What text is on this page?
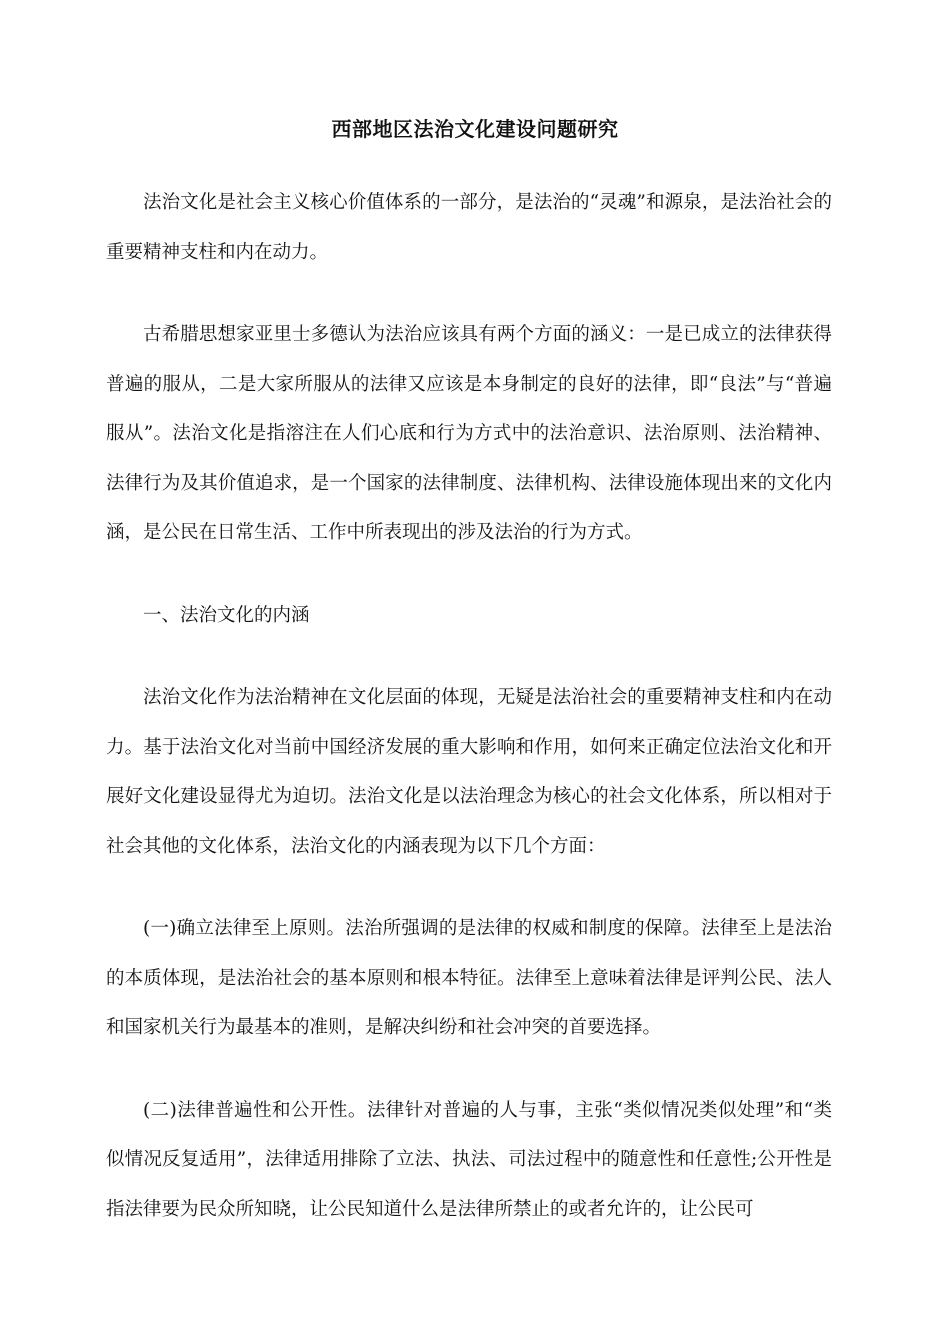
西部地区法治文化建设问题研究

法治文化是社会主义核心价值体系的一部分，是法治的“灵魂”和源泉，是法治社会的重要精神支柱和内在动力。

古希腊思想家亚里士多德认为法治应该具有两个方面的涵义：一是已成立的法律获得普遍的服从，二是大家所服从的法律又应该是本身制定的良好的法律，即“良法”与“普遍服从”。法治文化是指溶注在人们心底和行为方式中的法治意识、法治原则、法治精神、法律行为及其价值追求，是一个国家的法律制度、法律机构、法律设施体现出来的文化内涵，是公民在日常生活、工作中所表现出的涉及法治的行为方式。

一、法治文化的内涵

法治文化作为法治精神在文化层面的体现，无疑是法治社会的重要精神支柱和内在动力。基于法治文化对当前中国经济发展的重大影响和作用，如何来正确定位法治文化和开展好文化建设显得尤为迫切。法治文化是以法治理念为核心的社会文化体系，所以相对于社会其他的文化体系，法治文化的内涵表现为以下几个方面：

(一)确立法律至上原则。法治所强调的是法律的权威和制度的保障。法律至上是法治的本质体现，是法治社会的基本原则和根本特征。法律至上意味着法律是评判公民、法人和国家机关行为最基本的准则，是解决纠纷和社会冲突的首要选择。

(二)法律普遍性和公开性。法律针对普遍的人与事，主张“类似情况类似处理”和“类似情况反复适用”，法律适用排除了立法、执法、司法过程中的随意性和任意性;公开性是指法律要为民众所知晓，让公民知道什么是法律所禁止的或者允许的，让公民可
